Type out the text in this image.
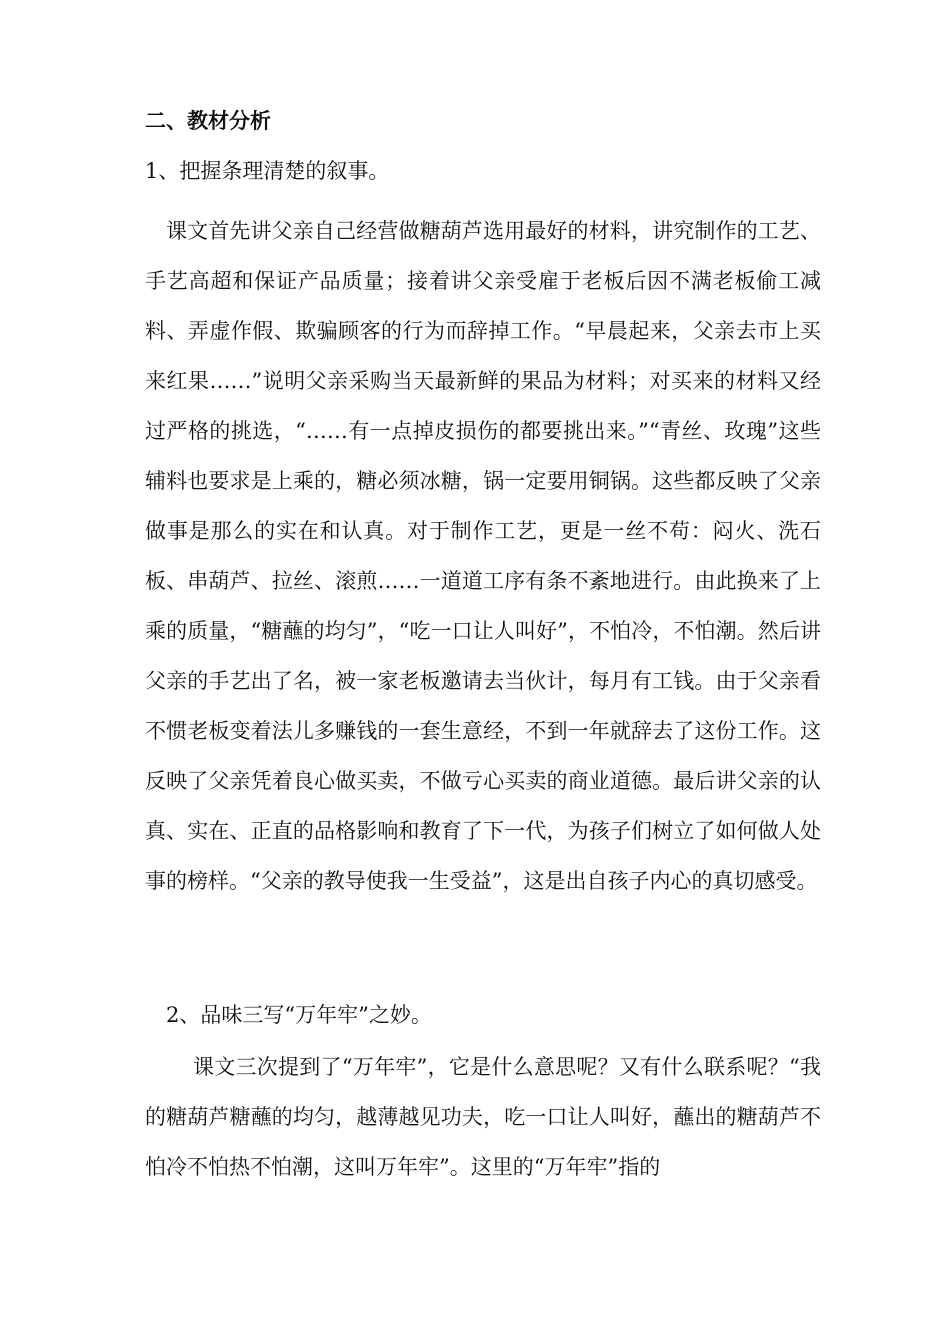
二、教材分析
1、把握条理清楚的叙事。

课文首先讲父亲自己经营做糖葫芦选用最好的材料，讲究制作的工艺、手艺高超和保证产品质量；接着讲父亲受雇于老板后因不满老板偷工减料、弄虚作假、欺骗顾客的行为而辞掉工作。“早晨起来，父亲去市上买来红果……”说明父亲采购当天最新鲜的果品为材料；对买来的材料又经过严格的挑选，“……有一点掉皮损伤的都要挑出来。”“青丝、玫瑰”这些辅料也要求是上乘的，糖必须冰糖，锅一定要用铜锅。这些都反映了父亲做事是那么的实在和认真。对于制作工艺，更是一丝不苟：闷火、洗石板、串葫芦、拉丝、滚煎……一道道工序有条不紊地进行。由此换来了上乘的质量，“糖蘸的均匀”，“吃一口让人叫好”，不怕冷，不怕潮。然后讲父亲的手艺出了名，被一家老板邀请去当伙计，每月有工钱。由于父亲看不惯老板变着法儿多赚钱的一套生意经，不到一年就辞去了这份工作。这反映了父亲凭着良心做买卖，不做亏心买卖的商业道德。最后讲父亲的认真、实在、正直的品格影响和教育了下一代，为孩子们树立了如何做人处事的榜样。“父亲的教导使我一生受益”，这是出自孩子内心的真切感受。

2、品味三写“万年牢”之妙。

课文三次提到了“万年牢”，它是什么意思呢？又有什么联系呢？“我的糖葫芦糖蘸的均匀，越薄越见功夫，吃一口让人叫好，蘸出的糖葫芦不怕冷不怕热不怕潮，这叫万年牢”。这里的“万年牢”指的
